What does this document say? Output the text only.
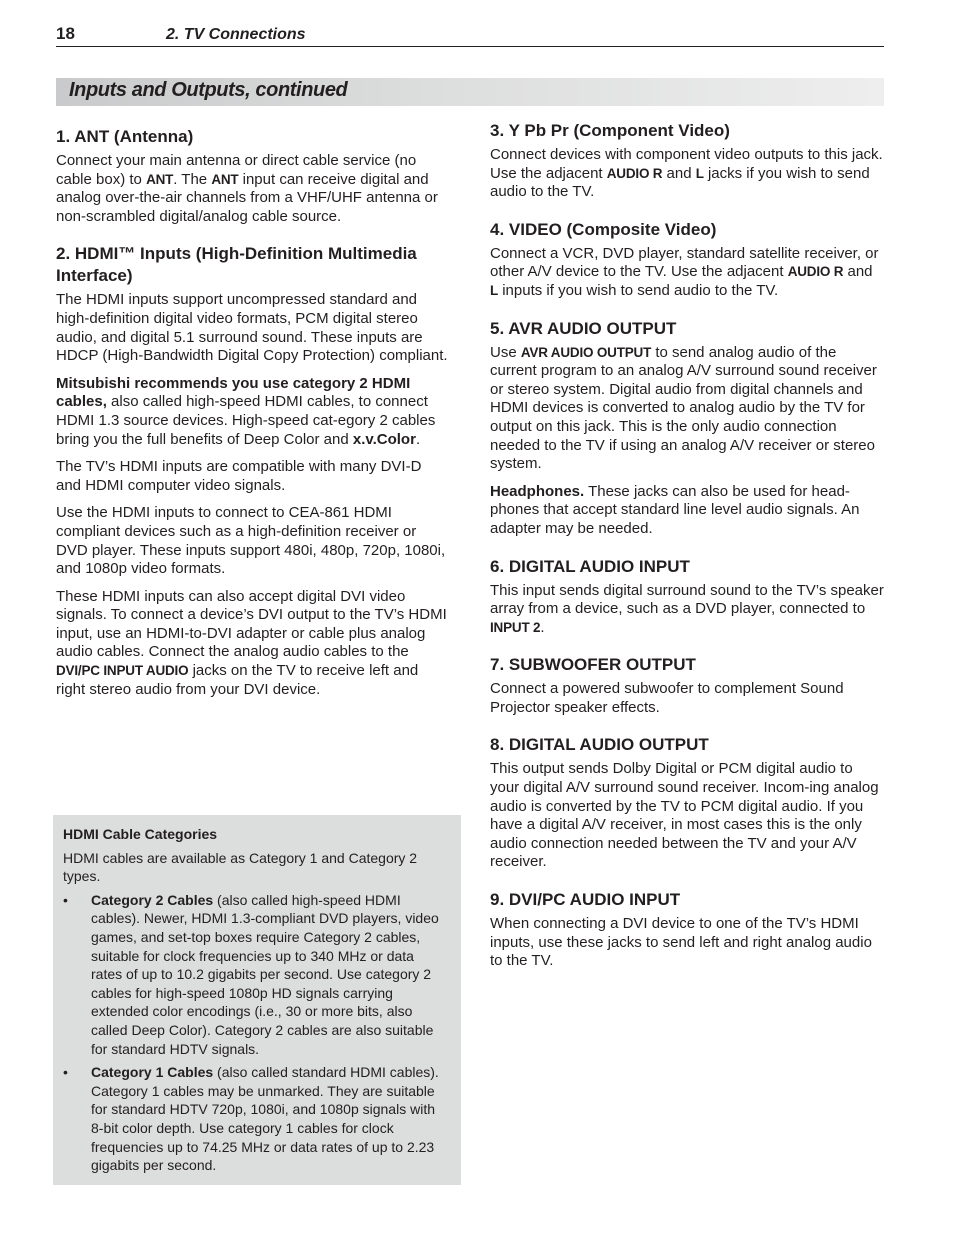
18	2. TV Connections
Inputs and Outputs, continued
1. ANT (Antenna)

Connect your main antenna or direct cable service (no cable box) to ANT. The ANT input can receive digital and analog over-the-air channels from a VHF/UHF antenna or non-scrambled digital/analog cable source.

2. HDMI™ Inputs (High-Definition Multimedia Interface)

The HDMI inputs support uncompressed standard and high-definition digital video formats, PCM digital stereo audio, and digital 5.1 surround sound. These inputs are HDCP (High-Bandwidth Digital Copy Protection) compliant.

Mitsubishi recommends you use category 2 HDMI cables, also called high-speed HDMI cables, to connect HDMI 1.3 source devices. High-speed cat-egory 2 cables bring you the full benefits of Deep Color and x.v.Color.

The TV’s HDMI inputs are compatible with many DVI-D and HDMI computer video signals.

Use the HDMI inputs to connect to CEA-861 HDMI compliant devices such as a high-definition receiver or DVD player. These inputs support 480i, 480p, 720p, 1080i, and 1080p video formats.

These HDMI inputs can also accept digital DVI video signals. To connect a device’s DVI output to the TV’s HDMI input, use an HDMI-to-DVI adapter or cable plus analog audio cables. Connect the analog audio cables to the DVI/PC INPUT AUDIO jacks on the TV to receive left and right stereo audio from your DVI device.

HDMI Cable Categories

HDMI cables are available as Category 1 and Category 2 types.

• Category 2 Cables (also called high-speed HDMI cables). Newer, HDMI 1.3-compliant DVD players, video games, and set-top boxes require Category 2 cables, suitable for clock frequencies up to 340 MHz or data rates of up to 10.2 gigabits per second. Use category 2 cables for high-speed 1080p HD signals carrying extended color encodings (i.e., 30 or more bits, also called Deep Color). Category 2 cables are also suitable for standard HDTV signals.
• Category 1 Cables (also called standard HDMI cables). Category 1 cables may be unmarked. They are suitable for standard HDTV 720p, 1080i, and 1080p signals with 8-bit color depth. Use category 1 cables for clock frequencies up to 74.25 MHz or data rates of up to 2.23 gigabits per second.
3. Y Pb Pr (Component Video)

Connect devices with component video outputs to this jack. Use the adjacent AUDIO R and L jacks if you wish to send audio to the TV.

4. VIDEO (Composite Video)

Connect a VCR, DVD player, standard satellite receiver, or other A/V device to the TV. Use the adjacent AUDIO R and L inputs if you wish to send audio to the TV.

5. AVR AUDIO OUTPUT

Use AVR AUDIO OUTPUT to send analog audio of the current program to an analog A/V surround sound receiver or stereo system. Digital audio from digital channels and HDMI devices is converted to analog audio by the TV for output on this jack. This is the only audio connection needed to the TV if using an analog A/V receiver or stereo system.

Headphones. These jacks can also be used for head-phones that accept standard line level audio signals. An adapter may be needed.

6. DIGITAL AUDIO INPUT

This input sends digital surround sound to the TV’s speaker array from a device, such as a DVD player, connected to INPUT 2.

7. SUBWOOFER OUTPUT

Connect a powered subwoofer to complement Sound Projector speaker effects.

8. DIGITAL AUDIO OUTPUT

This output sends Dolby Digital or PCM digital audio to your digital A/V surround sound receiver. Incom-ing analog audio is converted by the TV to PCM digital audio. If you have a digital A/V receiver, in most cases this is the only audio connection needed between the TV and your A/V receiver.

9. DVI/PC AUDIO INPUT

When connecting a DVI device to one of the TV’s HDMI inputs, use these jacks to send left and right analog audio to the TV.
